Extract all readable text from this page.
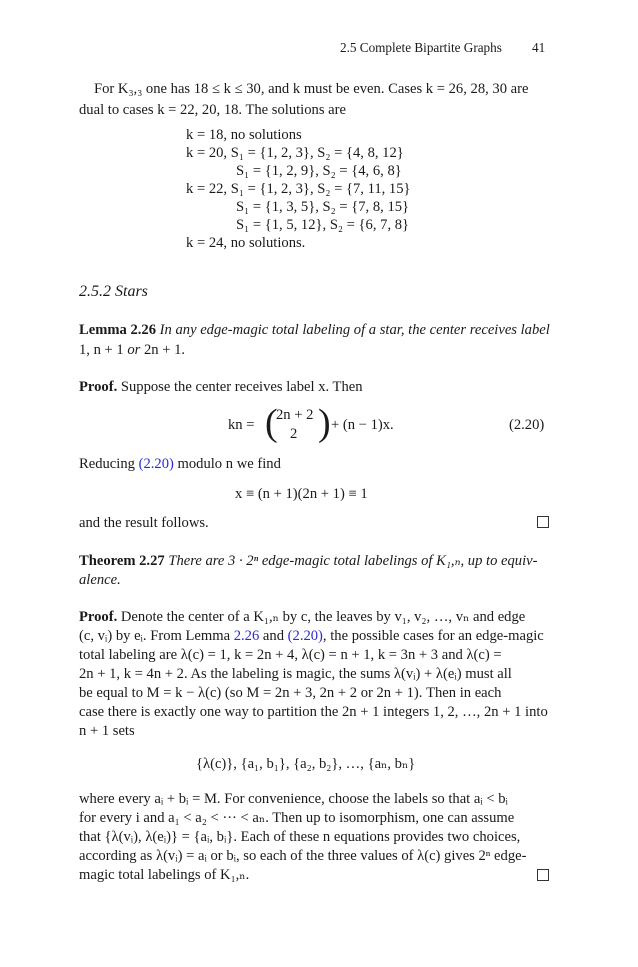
2.5 Complete Bipartite Graphs 41
For K₃,₃ one has 18 ≤ k ≤ 30, and k must be even. Cases k = 26, 28, 30 are
dual to cases k = 22, 20, 18. The solutions are
k = 18, no solutions
k = 20, S₁ = {1, 2, 3}, S₂ = {4, 8, 12}
S₁ = {1, 2, 9}, S₂ = {4, 6, 8}
k = 22, S₁ = {1, 2, 3}, S₂ = {7, 11, 15}
S₁ = {1, 3, 5}, S₂ = {7, 8, 15}
S₁ = {1, 5, 12}, S₂ = {6, 7, 8}
k = 24, no solutions.
2.5.2 Stars
Lemma 2.26 In any edge-magic total labeling of a star, the center receives label
1, n + 1 or 2n + 1.
Proof. Suppose the center receives label x. Then
kn = (
2n + 2
2 ) + (n − 1)x.	(2.20)
Reducing (2.20) modulo n we find
x ≡ (n + 1)(2n + 1) ≡ 1
and the result follows.
Theorem 2.27 There are 3 · 2ⁿ edge-magic total labelings of K₁,ₙ, up to equiv-
alence.
Proof. Denote the center of a K₁,ₙ by c, the leaves by v₁, v₂, …, vₙ and edge
(c, vᵢ) by eᵢ. From Lemma 2.26 and (2.20), the possible cases for an edge-magic
total labeling are λ(c) = 1, k = 2n + 4, λ(c) = n + 1, k = 3n + 3 and λ(c) =
2n + 1, k = 4n + 2. As the labeling is magic, the sums λ(vᵢ) + λ(eᵢ) must all
be equal to M = k − λ(c) (so M = 2n + 3, 2n + 2 or 2n + 1). Then in each
case there is exactly one way to partition the 2n + 1 integers 1, 2, …, 2n + 1 into
n + 1 sets
{λ(c)}, {a₁, b₁}, {a₂, b₂}, …, {aₙ, bₙ}
where every aᵢ + bᵢ = M. For convenience, choose the labels so that aᵢ < bᵢ
for every i and a₁ < a₂ < ··· < aₙ. Then up to isomorphism, one can assume
that {λ(vᵢ), λ(eᵢ)} = {aᵢ, bᵢ}. Each of these n equations provides two choices,
according as λ(vᵢ) = aᵢ or bᵢ, so each of the three values of λ(c) gives 2ⁿ edge-
magic total labelings of K₁,ₙ.
